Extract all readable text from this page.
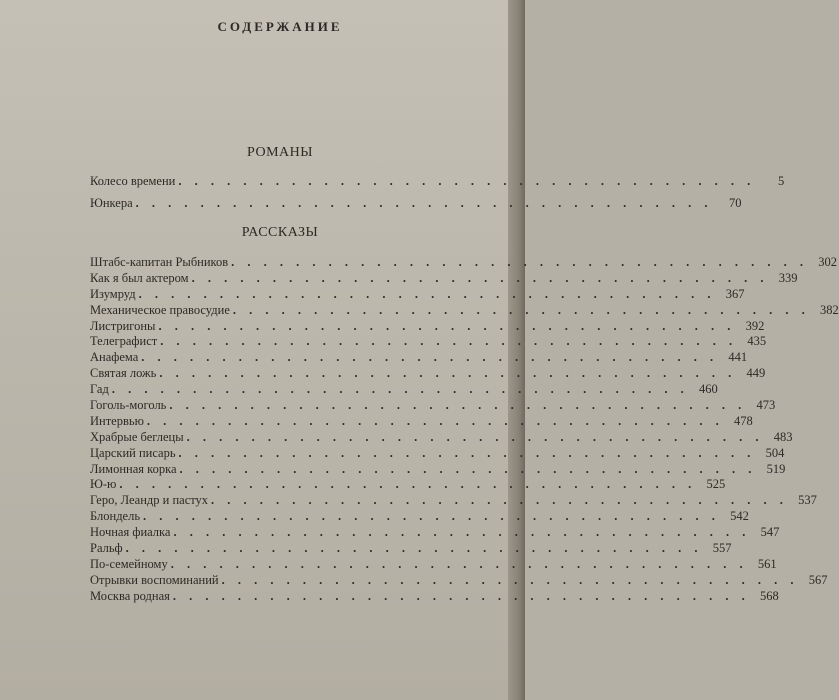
СОДЕРЖАНИЕ
РОМАНЫ
Колесо времени . . . . . . . . . . . . . . . . . . . . . . . . . . . . . . . . . . . .	5
Юнкера . . . . . . . . . . . . . . . . . . . . . . . . . . . . . . . . . . . .	70
РАССКАЗЫ
Штабс-капитан Рыбников . . . . . . . . . . . . . . . . . . . . . . . . . . . . . . . . . . . . 302
Как я был актером . . . . . . . . . . . . . . . . . . . . . . . . . . . . . . . . . . . . 339
Изумруд . . . . . . . . . . . . . . . . . . . . . . . . . . . . . . . . . . . . 367
Механическое правосудие . . . . . . . . . . . . . . . . . . . . . . . . . . . . . . . . . . . . 382
Листригоны . . . . . . . . . . . . . . . . . . . . . . . . . . . . . . . . . . . . 392
Телеграфист . . . . . . . . . . . . . . . . . . . . . . . . . . . . . . . . . . . . 435
Анафема . . . . . . . . . . . . . . . . . . . . . . . . . . . . . . . . . . . . 441
Святая ложь . . . . . . . . . . . . . . . . . . . . . . . . . . . . . . . . . . . . 449
Гад . . . . . . . . . . . . . . . . . . . . . . . . . . . . . . . . . . . . 460
Гоголь-моголь . . . . . . . . . . . . . . . . . . . . . . . . . . . . . . . . . . . . 473
Интервью . . . . . . . . . . . . . . . . . . . . . . . . . . . . . . . . . . . . 478
Храбрые беглецы . . . . . . . . . . . . . . . . . . . . . . . . . . . . . . . . . . . . 483
Царский писарь . . . . . . . . . . . . . . . . . . . . . . . . . . . . . . . . . . . . 504
Лимонная корка . . . . . . . . . . . . . . . . . . . . . . . . . . . . . . . . . . . . 519
Ю-ю . . . . . . . . . . . . . . . . . . . . . . . . . . . . . . . . . . . . 525
Геро, Леандр и пастух . . . . . . . . . . . . . . . . . . . . . . . . . . . . . . . . . . . . 537
Блондель . . . . . . . . . . . . . . . . . . . . . . . . . . . . . . . . . . . . 542
Ночная фиалка . . . . . . . . . . . . . . . . . . . . . . . . . . . . . . . . . . . . 547
Ральф . . . . . . . . . . . . . . . . . . . . . . . . . . . . . . . . . . . . 557
По-семейному . . . . . . . . . . . . . . . . . . . . . . . . . . . . . . . . . . . . 561
Отрывки воспоминаний . . . . . . . . . . . . . . . . . . . . . . . . . . . . . . . . . . . . 567
Москва родная . . . . . . . . . . . . . . . . . . . . . . . . . . . . . . . . . . . . 568
